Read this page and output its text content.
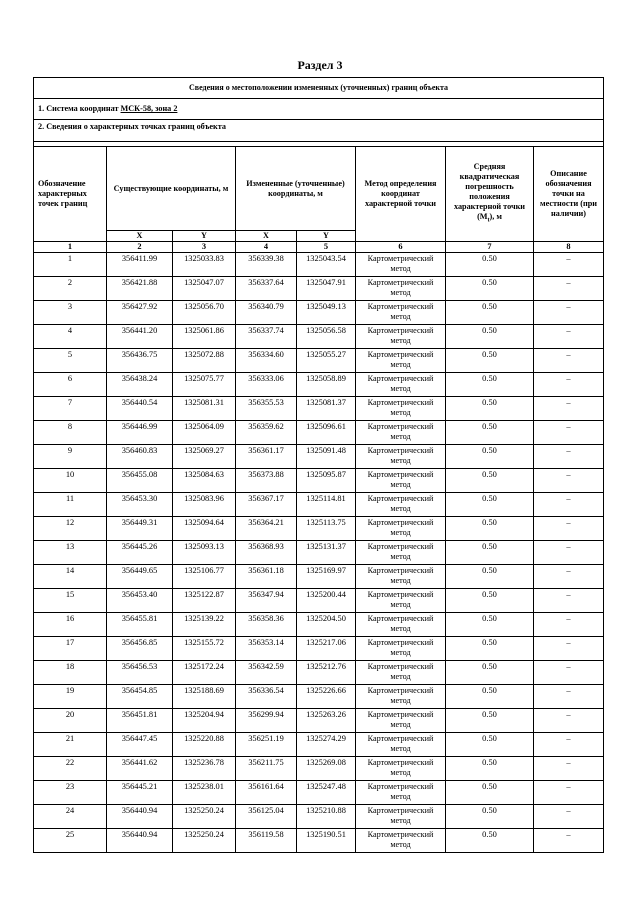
Раздел 3
Сведения о местоположении измененных (уточненных) границ объекта							
1. Система координат МСК-58, зона 2							
2. Сведения о характерных точках границ объекта							

Обозначение характерных точек границ	Существующие координаты, м		Измененные (уточненные) координаты, м		Метод определения координат характерной точки	Средняя квадратическая погрешность положения характерной точки $(M_t)$, м	Описание обозначения точки на местности (при наличии)
	X	Y	X	Y			
1	2	3	4	5	6	7	8
1	356411.99	1325033.83	356339.38	1325043.54	Картометрический метод	0.50	–
2	356421.88	1325047.07	356337.64	1325047.91	Картометрический метод	0.50	–
3	356427.92	1325056.70	356340.79	1325049.13	Картометрический метод	0.50	–
4	356441.20	1325061.86	356337.74	1325056.58	Картометрический метод	0.50	–
5	356436.75	1325072.88	356334.60	1325055.27	Картометрический метод	0.50	–
6	356438.24	1325075.77	356333.06	1325058.89	Картометрический метод	0.50	–
7	356440.54	1325081.31	356355.53	1325081.37	Картометрический метод	0.50	–
8	356446.99	1325064.09	356359.62	1325096.61	Картометрический метод	0.50	–
9	356460.83	1325069.27	356361.17	1325091.48	Картометрический метод	0.50	–
10	356455.08	1325084.63	356373.88	1325095.87	Картометрический метод	0.50	–
11	356453.30	1325083.96	356367.17	1325114.81	Картометрический метод	0.50	–
12	356449.31	1325094.64	356364.21	1325113.75	Картометрический метод	0.50	–
13	356445.26	1325093.13	356368.93	1325131.37	Картометрический метод	0.50	–
14	356449.65	1325106.77	356361.18	1325169.97	Картометрический метод	0.50	–
15	356453.40	1325122.87	356347.94	1325200.44	Картометрический метод	0.50	–
16	356455.81	1325139.22	356358.36	1325204.50	Картометрический метод	0.50	–
17	356456.85	1325155.72	356353.14	1325217.06	Картометрический метод	0.50	–
18	356456.53	1325172.24	356342.59	1325212.76	Картометрический метод	0.50	–
19	356454.85	1325188.69	356336.54	1325226.66	Картометрический метод	0.50	–
20	356451.81	1325204.94	356299.94	1325263.26	Картометрический метод	0.50	–
21	356447.45	1325220.88	356251.19	1325274.29	Картометрический метод	0.50	–
22	356441.62	1325236.78	356211.75	1325269.08	Картометрический метод	0.50	–
23	356445.21	1325238.01	356161.64	1325247.48	Картометрический метод	0.50	–
24	356440.94	1325250.24	356125.04	1325210.88	Картометрический метод	0.50	–
25	356440.94	1325250.24	356119.58	1325190.51	Картометрический метод	0.50	–
